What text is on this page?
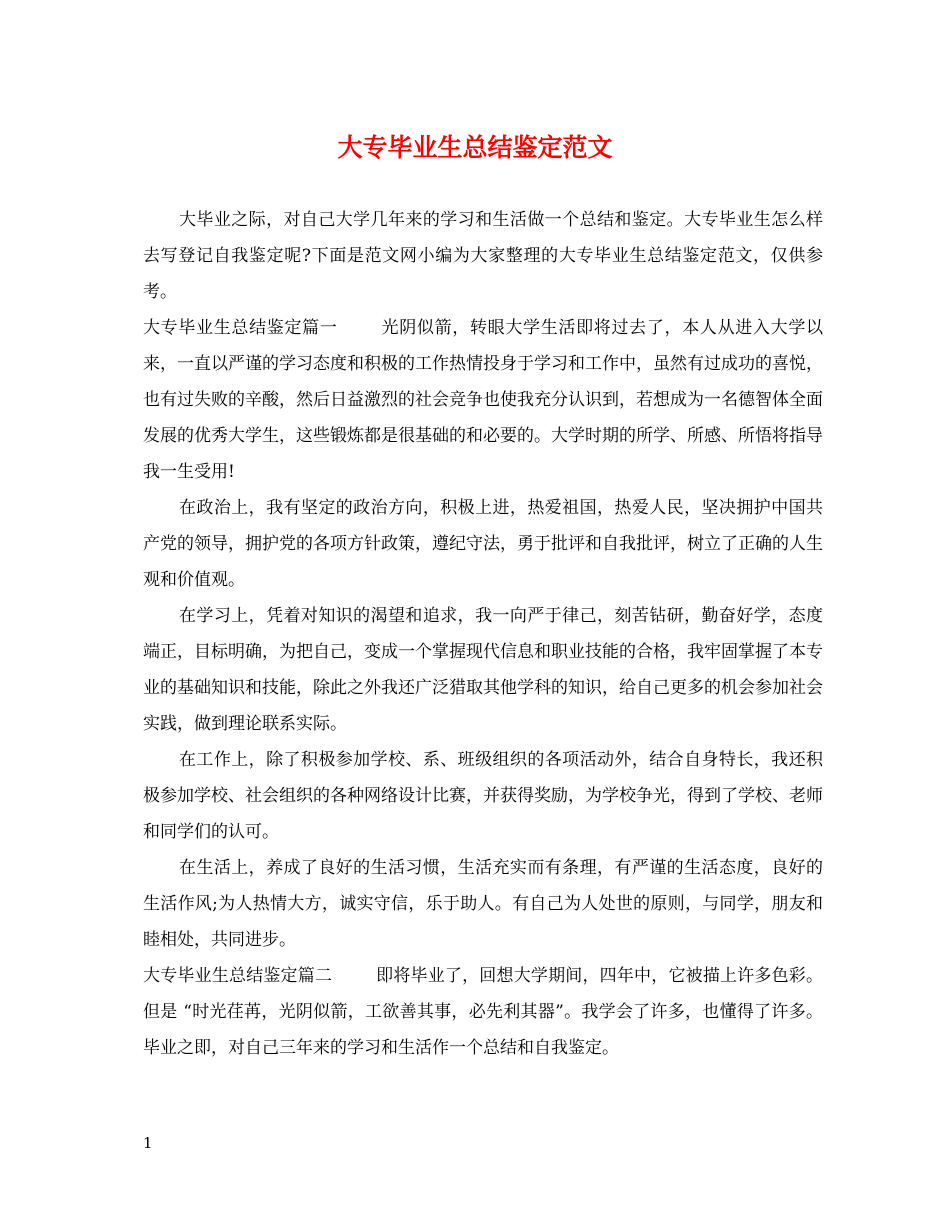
大专毕业生总结鉴定范文

大毕业之际，对自己大学几年来的学习和生活做一个总结和鉴定。大专毕业生怎么样去写登记自我鉴定呢?下面是范文网小编为大家整理的大专毕业生总结鉴定范文，仅供参考。

大专毕业生总结鉴定篇一	光阴似箭，转眼大学生活即将过去了，本人从进入大学以来，一直以严谨的学习态度和积极的工作热情投身于学习和工作中，虽然有过成功的喜悦，也有过失败的辛酸，然后日益激烈的社会竞争也使我充分认识到，若想成为一名德智体全面发展的优秀大学生，这些锻炼都是很基础的和必要的。大学时期的所学、所感、所悟将指导我一生受用!

在政治上，我有坚定的政治方向，积极上进，热爱祖国，热爱人民，坚决拥护中国共产党的领导，拥护党的各项方针政策，遵纪守法，勇于批评和自我批评，树立了正确的人生观和价值观。

在学习上，凭着对知识的渴望和追求，我一向严于律己，刻苦钻研，勤奋好学，态度端正，目标明确，为把自己，变成一个掌握现代信息和职业技能的合格，我牢固掌握了本专业的基础知识和技能，除此之外我还广泛猎取其他学科的知识，给自己更多的机会参加社会实践，做到理论联系实际。

在工作上，除了积极参加学校、系、班级组织的各项活动外，结合自身特长，我还积极参加学校、社会组织的各种网络设计比赛，并获得奖励，为学校争光，得到了学校、老师和同学们的认可。

在生活上，养成了良好的生活习惯，生活充实而有条理，有严谨的生活态度，良好的生活作风;为人热情大方，诚实守信，乐于助人。有自己为人处世的原则，与同学，朋友和睦相处，共同进步。

大专毕业生总结鉴定篇二	即将毕业了，回想大学期间，四年中，它被描上许多色彩。但是 “时光荏苒，光阴似箭，工欲善其事，必先利其器”。我学会了许多，也懂得了许多。毕业之即，对自己三年来的学习和生活作一个总结和自我鉴定。

1
